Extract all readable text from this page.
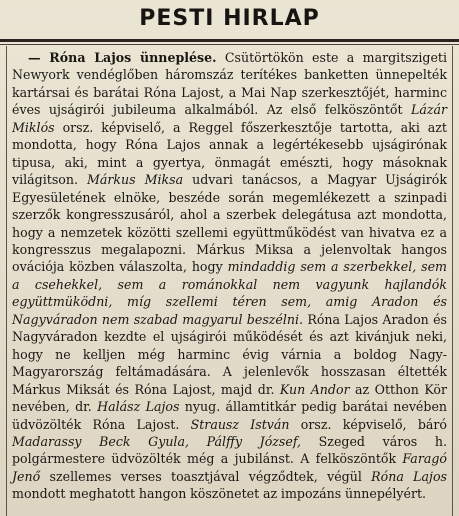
PESTI HIRLAP

— Róna Lajos ünneplése. Csütörtökön este a margitszigeti Newyork vendéglőben háromszáz terítékes banketten ünnepelték kartársai és barátai Róna Lajost, a Mai Nap szerkesztőjét, harminc éves ujságirói jubileuma alkalmából. Az első felköszöntőt Lázár Miklós orsz. képviselő, a Reggel főszerkesztője tartotta, aki azt mondotta, hogy Róna Lajos annak a legértékesebb ujságirónak tipusa, aki, mint a gyertya, önmagát emészti, hogy másoknak világitson. Márkus Miksa udvari tanácsos, a Magyar Ujságirók Egyesületének elnöke, beszéde során megemlékezett a szinpadi szerzők kongresszusáról, ahol a szerbek delegátusa azt mondotta, hogy a nemzetek közötti szellemi együttműködést van hivatva ez a kongresszus megalapozni. Márkus Miksa a jelenvoltak hangos ovációja közben válaszolta, hogy mindaddig sem a szerbekkel, sem a csehekkel, sem a románokkal nem vagyunk hajlandók együttmüködni, míg szellemi téren sem, amig Aradon és Nagyváradon nem szabad magyarul beszélni. Róna Lajos Aradon és Nagyváradon kezdte el ujságirói működését és azt kivánjuk neki, hogy ne kelljen még harminc évig várnia a boldog Nagy-Magyarország feltámadására. A jelenlevők hosszasan éltették Márkus Miksát és Róna Lajost, majd dr. Kun Andor az Otthon Kör nevében, dr. Halász Lajos nyug. államtitkár pedig barátai nevében üdvözölték Róna Lajost. Strausz István orsz. képviselő, báró Madarassy Beck Gyula, Pálffy József, Szeged város h. polgármestere üdvözölték még a jubilánst. A felköszöntők Faragó Jenő szellemes verses toasztjával végződtek, végül Róna Lajos mondott meghatott hangon köszönetet az impozáns ünnepélyért.
